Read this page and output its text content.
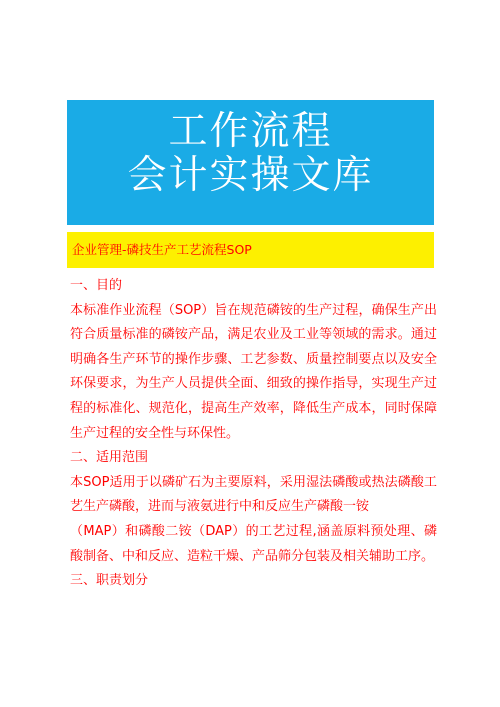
工作流程
会计实操文库
企业管理-磷技生产工艺流程SOP

一、目的

本标准作业流程（SOP）旨在规范磷铵的生产过程，确保生产出符合质量标准的磷铵产品，满足农业及工业等领域的需求。通过明确各生产环节的操作步骤、工艺参数、质量控制要点以及安全环保要求，为生产人员提供全面、细致的操作指导，实现生产过程的标准化、规范化，提高生产效率，降低生产成本，同时保障生产过程的安全性与环保性。

二、适用范围

本SOP适用于以磷矿石为主要原料，采用湿法磷酸或热法磷酸工艺生产磷酸，进而与液氨进行中和反应生产磷酸一铵

（MAP）和磷酸二铵（DAP）的工艺过程,涵盖原料预处理、磷酸制备、中和反应、造粒干燥、产品筛分包装及相关辅助工序。

三、职责划分
